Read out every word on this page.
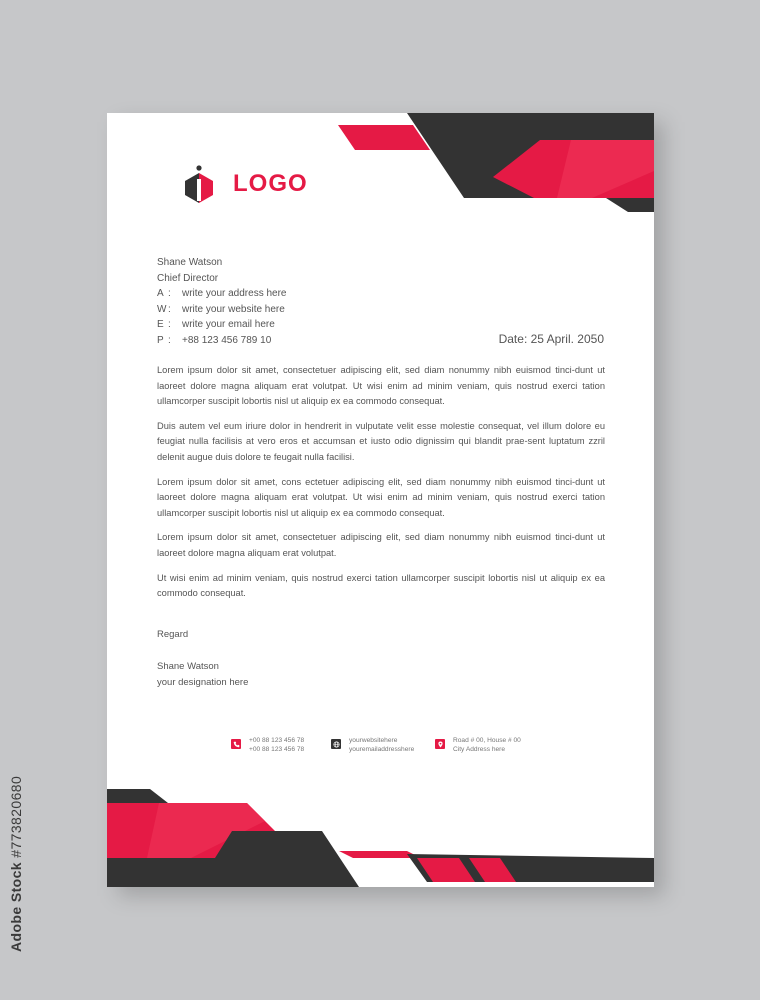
LOGO
Shane Watson
Chief Director
A :	write your address here
W :	write your website here
E :	write your email here
P :	+88 123 456 789 10	Date: 25 April. 2050

Lorem ipsum dolor sit amet, consectetuer adipiscing elit, sed diam nonummy nibh euismod tinci-dunt ut laoreet dolore magna aliquam erat volutpat. Ut wisi enim ad minim veniam, quis nostrud exerci tation ullamcorper suscipit lobortis nisl ut aliquip ex ea commodo consequat.

Duis autem vel eum iriure dolor in hendrerit in vulputate velit esse molestie consequat, vel illum dolore eu feugiat nulla facilisis at vero eros et accumsan et iusto odio dignissim qui blandit prae-sent luptatum zzril delenit augue duis dolore te feugait nulla facilisi.

Lorem ipsum dolor sit amet, cons ectetuer adipiscing elit, sed diam nonummy nibh euismod tinci-dunt ut laoreet dolore magna aliquam erat volutpat. Ut wisi enim ad minim veniam, quis nostrud exerci tation ullamcorper suscipit lobortis nisl ut aliquip ex ea commodo consequat.

Lorem ipsum dolor sit amet, consectetuer adipiscing elit, sed diam nonummy nibh euismod tinci-dunt ut laoreet dolore magna aliquam erat volutpat.

Ut wisi enim ad minim veniam, quis nostrud exerci tation ullamcorper suscipit lobortis nisl ut aliquip ex ea commodo consequat.

Regard
Shane Watson
your designation here
+00 88 123 456 78
+00 88 123 456 78
yourwebsitehere
youremailaddresshere
Road # 00, House # 00
City Address here
Adobe Stock #773820680
